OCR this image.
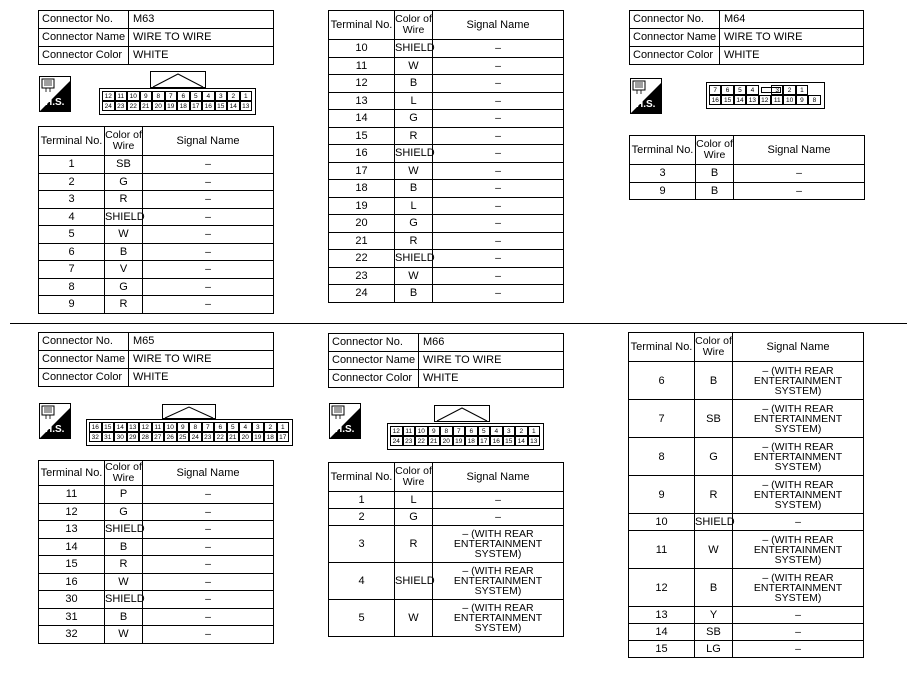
Connector No.	M63
Connector Name	WIRE TO WIRE
Connector Color	WHITE
H.S.
12 11 10	9	8	7	6	5	4	3	2	1
24 23 22 21 20 19 18 17 16 15 14 13
Terminal No.	Color of Wire	Signal Name
1	SB	–
2	G	–
3	R	–
4	SHIELD	–
5	W	–
6	B	–
7	V	–
8	G	–
9	R	–
Terminal No.	Color of Wire	Signal Name
10	SHIELD	–
11	W	–
12	B	–
13	L	–
14	G	–
15	R	–
16	SHIELD	–
17	W	–
18	B	–
19	L	–
20	G	–
21	R	–
22	SHIELD	–
23	W	–
24	B	–
Connector No.	M64
Connector Name	WIRE TO WIRE
Connector Color	WHITE
H.S.
7	6	5	4	3	2	1
16 15 14 13 12 11 10	9	8
Terminal No.	Color of Wire	Signal Name
3	B	–
9	B	–
Connector No.	M65
Connector Name	WIRE TO WIRE
Connector Color	WHITE
H.S.	16 15 14 13 12 11 10	9	8	7	6	5	4	3	2	1
32 31 30 29 28 27 26 25 24 23 22 21 20 19 18 17
Terminal No.	Color of Wire	Signal Name
11	P	–
12	G	–
13	SHIELD	–
14	B	–
15	R	–
16	W	–
30	SHIELD	–
31	B	–
32	W	–
Connector No.	M66
Connector Name	WIRE TO WIRE
Connector Color	WHITE
H.S.	12 11 10	9	8	7	6	5	4	3	2	1
24 23 22 21 20 19 18 17 16 15 14 13
Terminal No.	Color of Wire	Signal Name
1	L	–
2	G	–
3	R	– (WITH REAR ENTERTAINMENT SYSTEM)
4	SHIELD	– (WITH REAR ENTERTAINMENT SYSTEM)
5	W	– (WITH REAR ENTERTAINMENT SYSTEM)
Terminal No.	Color of Wire	Signal Name
6	B	– (WITH REAR ENTERTAINMENT SYSTEM)
7	SB	– (WITH REAR ENTERTAINMENT SYSTEM)
8	G	– (WITH REAR ENTERTAINMENT SYSTEM)
9	R	– (WITH REAR ENTERTAINMENT SYSTEM)
10	SHIELD	–
11	W	– (WITH REAR ENTERTAINMENT SYSTEM)
12	B	– (WITH REAR ENTERTAINMENT SYSTEM)
13	Y	–
14	SB	–
15	LG	–
